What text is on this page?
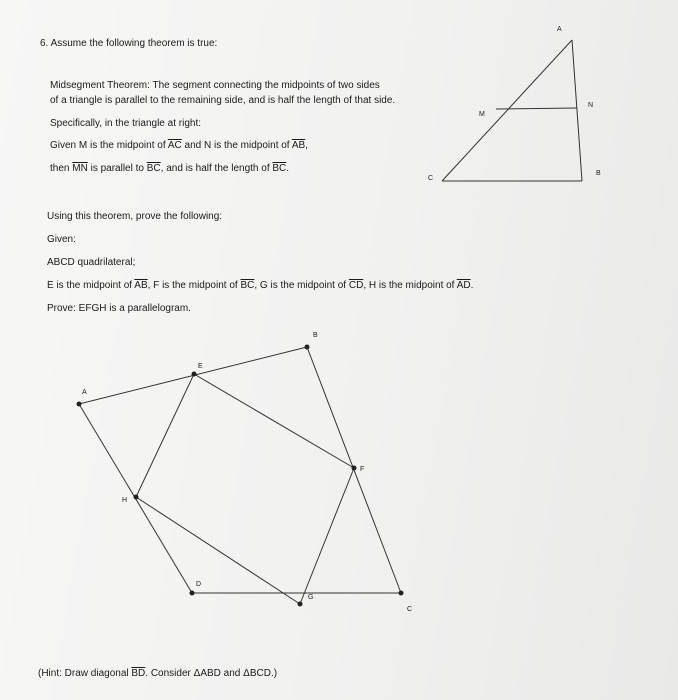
6. Assume the following theorem is true:
Midsegment Theorem: The segment connecting the midpoints of two sides
of a triangle is parallel to the remaining side, and is half the length of that side.
Specifically, in the triangle at right:
Given M is the midpoint of $\overline{AC}$ and N is the midpoint of $\overline{AB}$,
then $\overline{MN}$ is parallel to $\overline{BC}$, and is half the length of $\overline{BC}$.
Using this theorem, prove the following:
Given:
ABCD quadrilateral;
E is the midpoint of $\overline{AB}$, F is the midpoint of $\overline{BC}$, G is the midpoint of $\overline{CD}$, H is the midpoint of $\overline{AD}$.
Prove: EFGH is a parallelogram.
(Hint: Draw diagonal $\overline{BD}$. Consider ΔABD and ΔBCD.)
A
M
N
C
B
A
B
C
D
E
F
G
H
